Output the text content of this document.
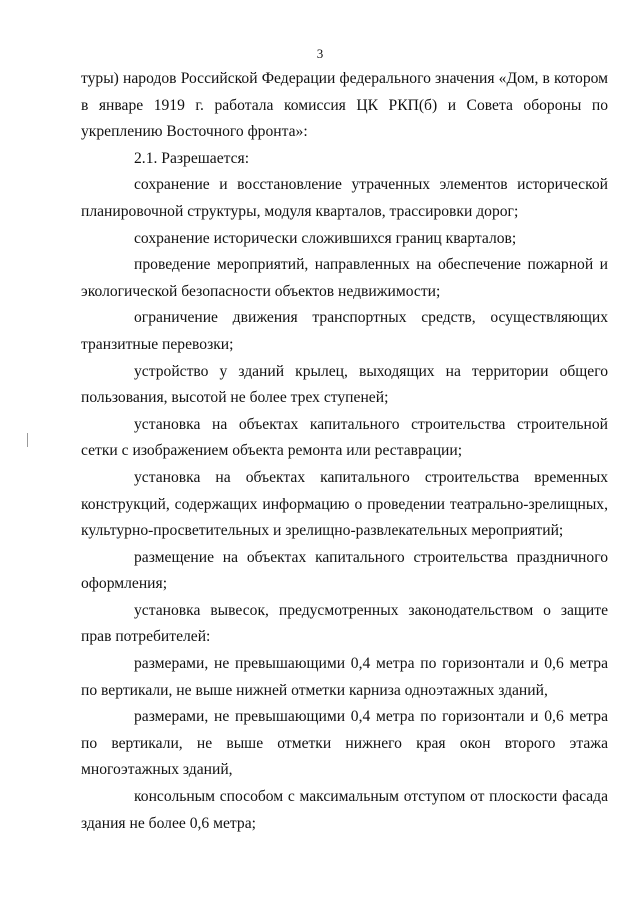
3

туры) народов Российской Федерации федерального значения «Дом, в котором в январе 1919 г. работала комиссия ЦК РКП(б) и Совета обороны по укреплению Восточного фронта»:

2.1. Разрешается:

сохранение и восстановление утраченных элементов исторической планировочной структуры, модуля кварталов, трассировки дорог;

сохранение исторически сложившихся границ кварталов;

проведение мероприятий, направленных на обеспечение пожарной и экологической безопасности объектов недвижимости;

ограничение движения транспортных средств, осуществляющих транзитные перевозки;

устройство у зданий крылец, выходящих на территории общего пользования, высотой не более трех ступеней;

установка на объектах капитального строительства строительной сетки с изображением объекта ремонта или реставрации;

установка на объектах капитального строительства временных конструкций, содержащих информацию о проведении театрально-зрелищных, культурно-просветительных и зрелищно-развлекательных мероприятий;

размещение на объектах капитального строительства праздничного оформления;

установка вывесок, предусмотренных законодательством о защите прав потребителей:

размерами, не превышающими 0,4 метра по горизонтали и 0,6 метра по вертикали, не выше нижней отметки карниза одноэтажных зданий,

размерами, не превышающими 0,4 метра по горизонтали и 0,6 метра по вертикали, не выше отметки нижнего края окон второго этажа многоэтажных зданий,

консольным способом с максимальным отступом от плоскости фасада здания не более 0,6 метра;
